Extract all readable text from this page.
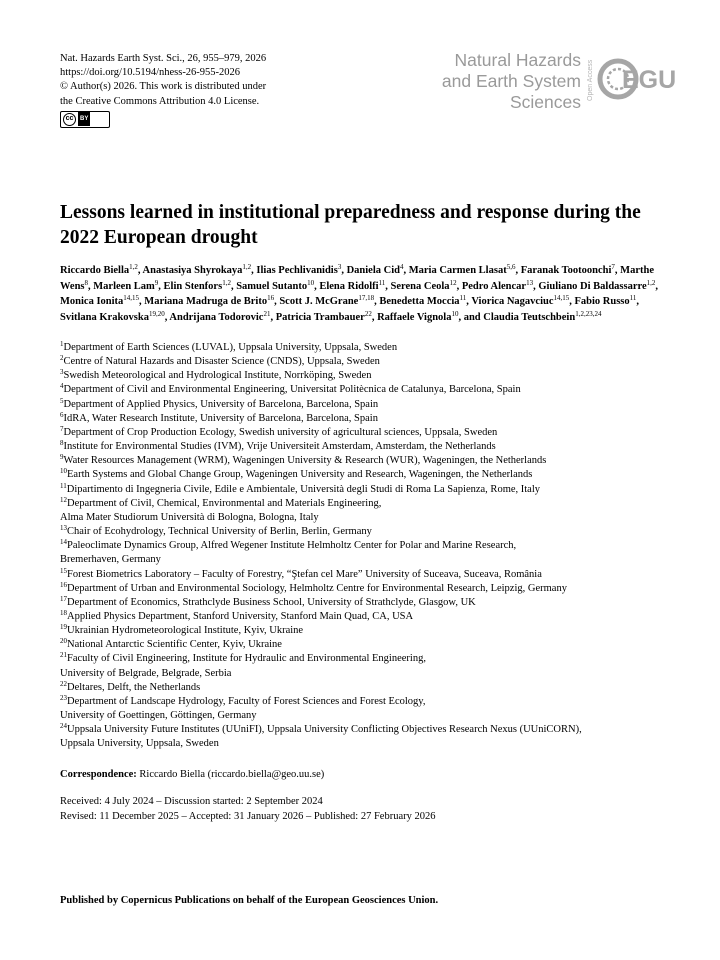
Nat. Hazards Earth Syst. Sci., 26, 955–979, 2026
https://doi.org/10.5194/nhess-26-955-2026
© Author(s) 2026. This work is distributed under
the Creative Commons Attribution 4.0 License.
cc	BY
Natural Hazards
and Earth System
Sciences
Open Access EGU
Lessons learned in institutional preparedness and response during the 2022 European drought
Riccardo Biella$^{1,2}$, Anastasiya Shyrokaya$^{1,2}$, Ilias Pechlivanidis$^3$, Daniela Cid$^4$, Maria Carmen Llasat$^{5,6}$, Faranak Tootoonchi$^7$, Marthe Wens$^8$, Marleen Lam$^9$, Elin Stenfors$^{1,2}$, Samuel Sutanto$^{10}$, Elena Ridolfi$^{11}$, Serena Ceola$^{12}$, Pedro Alencar$^{13}$, Giuliano Di Baldassarre$^{1,2}$, Monica Ionita$^{14,15}$, Mariana Madruga de Brito$^{16}$, Scott J. McGrane$^{17,18}$, Benedetta Moccia$^{11}$, Viorica Nagavciuc$^{14,15}$, Fabio Russo$^{11}$, Svitlana Krakovska$^{19,20}$, Andrijana Todorovic$^{21}$, Patricia Trambauer$^{22}$, Raffaele Vignola$^{10}$, and Claudia Teutschbein$^{1,2,23,24}$
$^1$Department of Earth Sciences (LUVAL), Uppsala University, Uppsala, Sweden
$^2$Centre of Natural Hazards and Disaster Science (CNDS), Uppsala, Sweden
$^3$Swedish Meteorological and Hydrological Institute, Norrköping, Sweden
$^4$Department of Civil and Environmental Engineering, Universitat Politècnica de Catalunya, Barcelona, Spain
$^5$Department of Applied Physics, University of Barcelona, Barcelona, Spain
$^6$IdRA, Water Research Institute, University of Barcelona, Barcelona, Spain
$^7$Department of Crop Production Ecology, Swedish university of agricultural sciences, Uppsala, Sweden
$^8$Institute for Environmental Studies (IVM), Vrije Universiteit Amsterdam, Amsterdam, the Netherlands
$^9$Water Resources Management (WRM), Wageningen University & Research (WUR), Wageningen, the Netherlands
$^{10}$Earth Systems and Global Change Group, Wageningen University and Research, Wageningen, the Netherlands
$^{11}$Dipartimento di Ingegneria Civile, Edile e Ambientale, Università degli Studi di Roma La Sapienza, Rome, Italy
$^{12}$Department of Civil, Chemical, Environmental and Materials Engineering,
Alma Mater Studiorum Università di Bologna, Bologna, Italy
$^{13}$Chair of Ecohydrology, Technical University of Berlin, Berlin, Germany
$^{14}$Paleoclimate Dynamics Group, Alfred Wegener Institute Helmholtz Center for Polar and Marine Research,
Bremerhaven, Germany
$^{15}$Forest Biometrics Laboratory – Faculty of Forestry, “Ştefan cel Mare” University of Suceava, Suceava, România
$^{16}$Department of Urban and Environmental Sociology, Helmholtz Centre for Environmental Research, Leipzig, Germany
$^{17}$Department of Economics, Strathclyde Business School, University of Strathclyde, Glasgow, UK
$^{18}$Applied Physics Department, Stanford University, Stanford Main Quad, CA, USA
$^{19}$Ukrainian Hydrometeorological Institute, Kyiv, Ukraine
$^{20}$National Antarctic Scientific Center, Kyiv, Ukraine
$^{21}$Faculty of Civil Engineering, Institute for Hydraulic and Environmental Engineering,
University of Belgrade, Belgrade, Serbia
$^{22}$Deltares, Delft, the Netherlands
$^{23}$Department of Landscape Hydrology, Faculty of Forest Sciences and Forest Ecology,
University of Goettingen, Göttingen, Germany
$^{24}$Uppsala University Future Institutes (UUniFI), Uppsala University Conflicting Objectives Research Nexus (UUniCORN),
Uppsala University, Uppsala, Sweden
Correspondence: Riccardo Biella (riccardo.biella@geo.uu.se)
Received: 4 July 2024 – Discussion started: 2 September 2024
Revised: 11 December 2025 – Accepted: 31 January 2026 – Published: 27 February 2026
Published by Copernicus Publications on behalf of the European Geosciences Union.
